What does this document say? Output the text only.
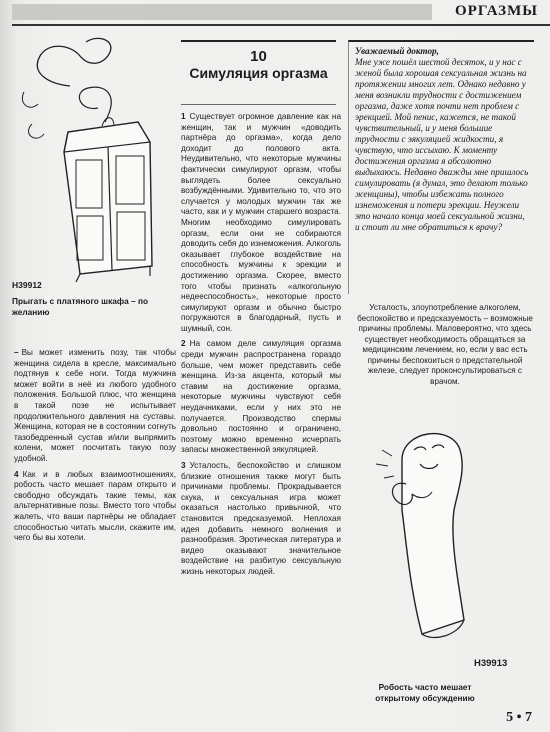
ОРГАЗМЫ
H39912
Прыгать с платяного шкафа – по желанию

– Вы может изменить позу, так чтобы женщина сидела в кресле, максимально подтянув к себе ноги. Тогда мужчина может войти в неё из любого удобного положения. Большой плюс, что женщина в такой позе не испытывает продолжительного давления на суставы. Женщина, которая не в состоянии согнуть тазобедренный сустав и/или выпрямить колени, может посчитать такую позу удобной.

4 Как и в любых взаимоотношениях, робость часто мешает парам открыто и свободно обсуждать такие темы, как альтернативные позы. Вместо того чтобы жалеть, что ваши партнёры не обладает способностью читать мысли, скажите им, чего бы вы хотели.

10
Симуляция оргазма

1 Существует огромное давление как на женщин, так и мужчин «доводить партнёра до оргазма», когда дело доходит до полового акта. Неудивительно, что некоторые мужчины фактически симулируют оргазм, чтобы выглядеть более сексуально возбуждёнными. Удивительно то, что это случается у молодых мужчин так же часто, как и у мужчин старшего возраста. Многим необходимо симулировать оргазм, если они не собираются доводить себя до изнеможения. Алкоголь оказывает глубокое воздействие на способность мужчины к эрекции и достижению оргазма. Скорее, вместо того чтобы признать «алкогольную недееспособность», некоторые просто симулируют оргазм и обычно быстро погружаются в благодарный, пусть и шумный, сон.

2 На самом деле симуляция оргазма среди мужчин распространена гораздо больше, чем может представить себе женщина. Из-за акцента, который мы ставим на достижение оргазма, некоторые мужчины чувствуют себя неудачниками, если у них это не получается. Производство спермы довольно постоянно и ограничено, поэтому можно временно исчерпать запасы множественной эякуляцией.

3 Усталость, беспокойство и слишком близкие отношения также могут быть причинами проблемы. Прокрадывается скука, и сексуальная игра может оказаться настолько привычной, что становится предсказуемой. Неплохая идея добавить немного волнения и разнообразия. Эротическая литература и видео оказывают значительное воздействие на разбитую сексуальную жизнь некоторых людей.

Уважаемый доктор,
Мне уже пошёл шестой десяток, и у нас с женой была хорошая сексуальная жизнь на протяжении многих лет. Однако недавно у меня возникли трудности с достижением оргазма, даже хотя почти нет проблем с эрекцией. Мой пенис, кажется, не такой чувствительный, и у меня большие трудности с эякуляцией жидкости, я чувствую, что иссыхаю. К моменту достижения оргазма я абсолютно выдыхаюсь. Недавно дважды мне пришлось симулировать (я думал, это делают только женщины), чтобы избежать полного изнеможения и потери эрекции. Неужели это начало конца моей сексуальной жизни, и стоит ли мне обратиться к врачу?
Усталость, злоупотребление алкоголем, беспокойство и предсказуемость – возможные причины проблемы. Маловероятно, что здесь существует необходимость обращаться за медицинским лечением, но, если у вас есть причины беспокоиться о предстательной железе, следует проконсультироваться с врачом.
H39913
Робость часто мешает открытому обсуждению
5 • 7
